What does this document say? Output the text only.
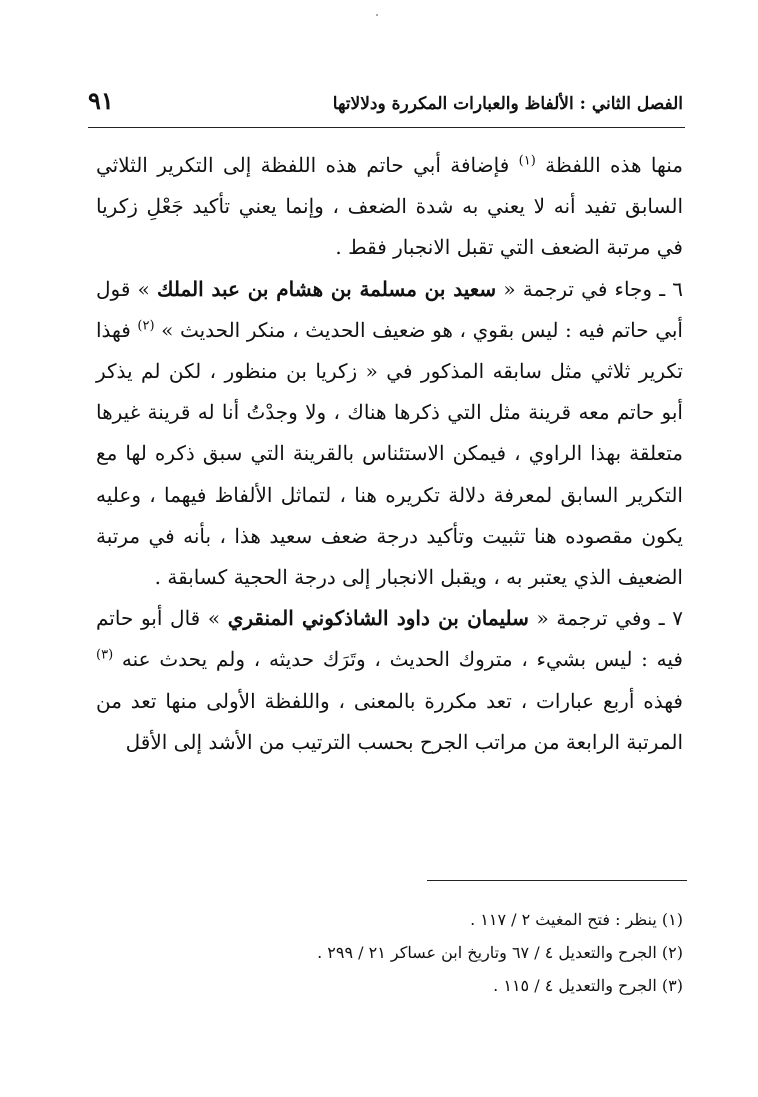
الفصل الثاني : الألفاظ والعبارات المكررة ودلالاتها
٩١

منها هذه اللفظة $^{(١)}$ فإضافة أبي حاتم هذه اللفظة إلى التكرير الثلاثي السابق تفيد أنه لا يعني به شدة الضعف ، وإنما يعني تأكيد جَعْلِ زكريا في مرتبة الضعف التي تقبل الانجبار فقط .

٦ ـ وجاء في ترجمة « سعيد بن مسلمة بن هشام بن عبد الملك » قول أبي حاتم فيه : ليس بقوي ، هو ضعيف الحديث ، منكر الحديث » $^{(٢)}$ فهذا تكرير ثلاثي مثل سابقه المذكور في « زكريا بن منظور ، لكن لم يذكر أبو حاتم معه قرينة مثل التي ذكرها هناك ، ولا وجدْتُ أنا له قرينة غيرها متعلقة بهذا الراوي ، فيمكن الاستئناس بالقرينة التي سبق ذكره لها مع التكرير السابق لمعرفة دلالة تكريره هنا ، لتماثل الألفاظ فيهما ، وعليه يكون مقصوده هنا تثبيت وتأكيد درجة ضعف سعيد هذا ، بأنه في مرتبة الضعيف الذي يعتبر به ، ويقبل الانجبار إلى درجة الحجية كسابقة .

٧ ـ وفي ترجمة « سليمان بن داود الشاذكوني المنقري » قال أبو حاتم فيه : ليس بشيء ، متروك الحديث ، وتَرَك حديثه ، ولم يحدث عنه $^{(٣)}$ فهذه أربع عبارات ، تعد مكررة بالمعنى ، واللفظة الأولى منها تعد من المرتبة الرابعة من مراتب الجرح بحسب الترتيب من الأشد إلى الأقل

(١) ينظر : فتح المغيث ٢ / ١١٧ .
(٢) الجرح والتعديل ٤ / ٦٧ وتاريخ ابن عساكر ٢١ / ٢٩٩ .
(٣) الجرح والتعديل ٤ / ١١٥ .
